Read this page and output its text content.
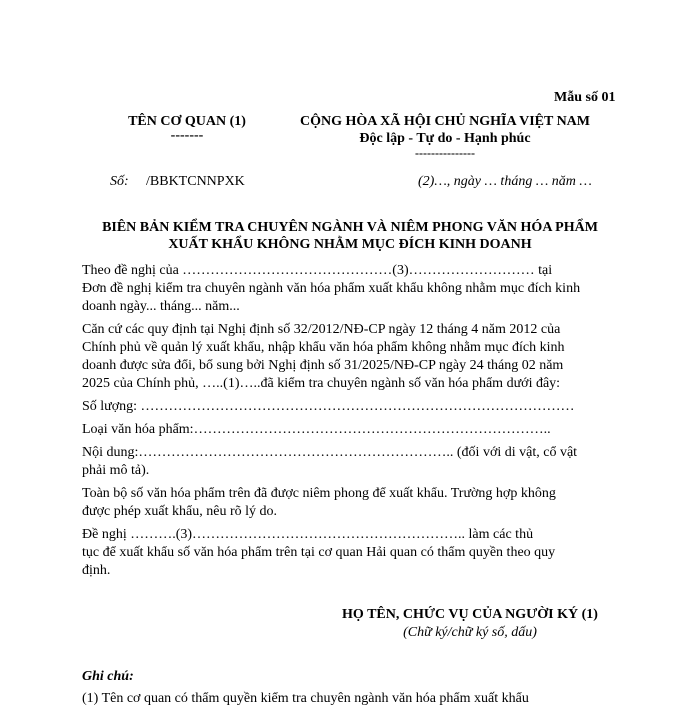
Mẫu số 01
TÊN CƠ QUAN (1)
-------
CỘNG HÒA XÃ HỘI CHỦ NGHĨA VIỆT NAM
Độc lập - Tự do - Hạnh phúc
---------------
Số: /BBKTCNNPXK	(2)…, ngày … tháng … năm …
BIÊN BẢN KIỂM TRA CHUYÊN NGÀNH VÀ NIÊM PHONG VĂN HÓA PHẨM
XUẤT KHẨU KHÔNG NHẰM MỤC ĐÍCH KINH DOANH
Theo đề nghị của ………………………………………(3)……………………… tại
Đơn đề nghị kiểm tra chuyên ngành văn hóa phẩm xuất khẩu không nhằm mục đích kinh
doanh ngày... tháng... năm...
Căn cứ các quy định tại Nghị định số 32/2012/NĐ-CP ngày 12 tháng 4 năm 2012 của
Chính phủ về quản lý xuất khẩu, nhập khẩu văn hóa phẩm không nhằm mục đích kinh
doanh được sửa đổi, bổ sung bởi Nghị định số 31/2025/NĐ-CP ngày 24 tháng 02 năm
2025 của Chính phủ, …..(1)…..đã kiểm tra chuyên ngành số văn hóa phẩm dưới đây:
Số lượng: …………………………………………………………………………………
Loại văn hóa phẩm:…………………………………………………………………..
Nội dung:………………………………………………………….. (đối với di vật, cổ vật
phải mô tả).
Toàn bộ số văn hóa phẩm trên đã được niêm phong để xuất khẩu. Trường hợp không
được phép xuất khẩu, nêu rõ lý do.
Đề nghị ……….(3)………………………………………………….. làm các thủ
tục để xuất khẩu số văn hóa phẩm trên tại cơ quan Hải quan có thẩm quyền theo quy
định.
HỌ TÊN, CHỨC VỤ CỦA NGƯỜI KÝ (1)
(Chữ ký/chữ ký số, dấu)
Ghi chú:
(1) Tên cơ quan có thẩm quyền kiểm tra chuyên ngành văn hóa phẩm xuất khẩu
